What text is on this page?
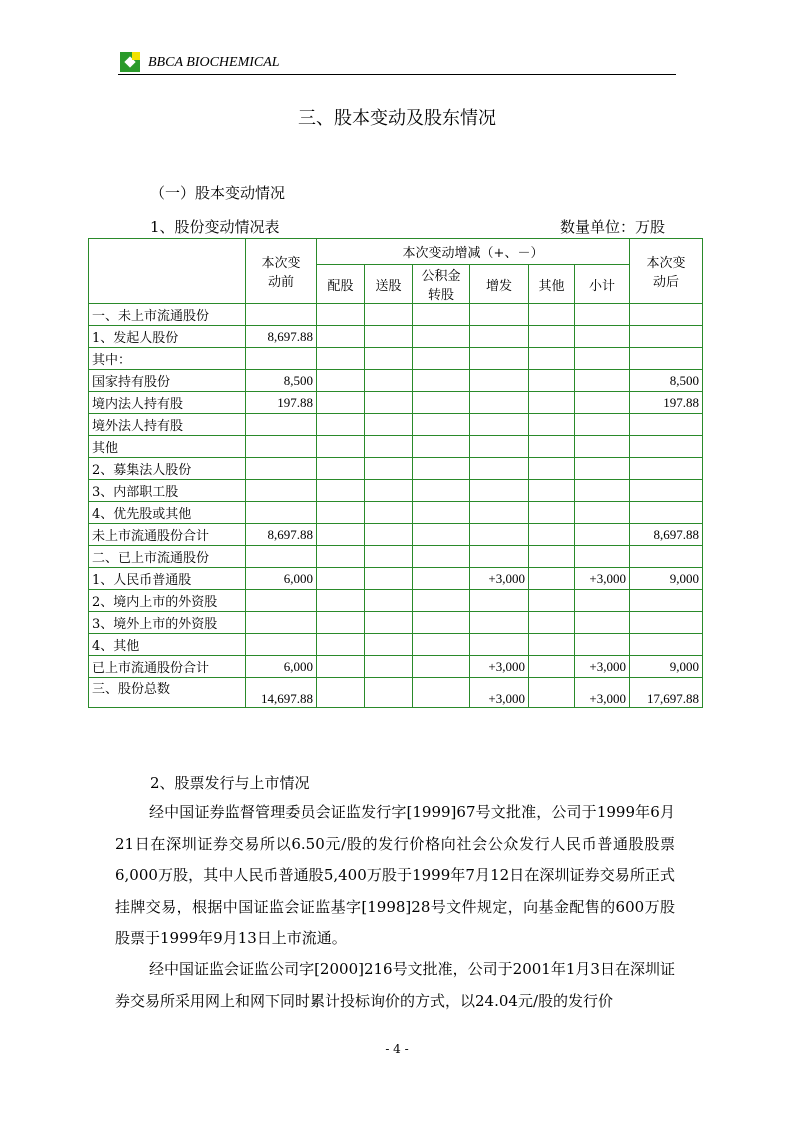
BBCA BIOCHEMICAL
三、股本变动及股东情况
（一）股本变动情况
1、股份变动情况表	数量单位：万股
	本次变动前	本次变动增减（+、－）						本次变动后
		配股	送股	公积金转股	增发	其他	小计	
一、未上市流通股份								
1、发起人股份	8,697.88							
其中：								
国家持有股份	8,500							8,500
境内法人持有股	197.88							197.88
境外法人持有股								
其他								
2、募集法人股份								
3、内部职工股								
4、优先股或其他								
未上市流通股份合计	8,697.88							8,697.88
二、已上市流通股份								
1、人民币普通股	6,000				+3,000		+3,000	9,000
2、境内上市的外资股								
3、境外上市的外资股								
4、其他								
已上市流通股份合计	6,000				+3,000		+3,000	9,000
三、股份总数	14,697.88				+3,000		+3,000	17,697.88
2、股票发行与上市情况
经中国证券监督管理委员会证监发行字[1999]67号文批准，公司于1999年6月21日在深圳证券交易所以6.50元/股的发行价格向社会公众发行人民币普通股股票6,000万股，其中人民币普通股5,400万股于1999年7月12日在深圳证券交易所正式挂牌交易，根据中国证监会证监基字[1998]28号文件规定，向基金配售的600万股股票于1999年9月13日上市流通。
经中国证监会证监公司字[2000]216号文批准，公司于2001年1月3日在深圳证券交易所采用网上和网下同时累计投标询价的方式，以24.04元/股的发行价
- 4 -
